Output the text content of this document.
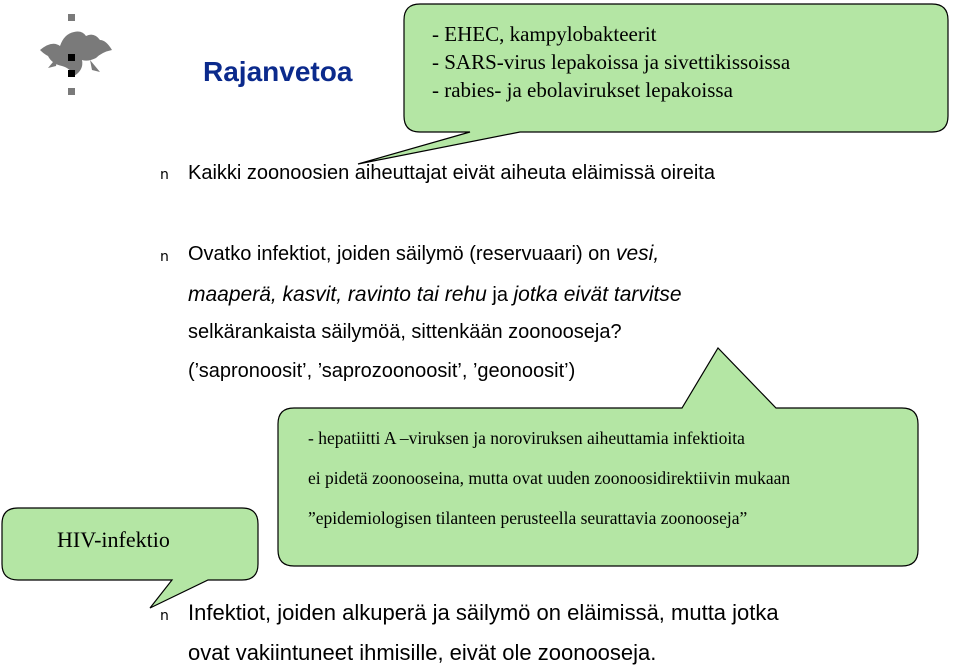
Rajanvetoa
- EHEC, kampylobakteerit
- SARS-virus lepakoissa ja sivettikissoissa
- rabies- ja ebolavirukset lepakoissa
n Kaikki zoonoosien aiheuttajat eivät aiheuta eläimissä oireita
n Ovatko infektiot, joiden säilymö (reservuaari) on vesi,
maaperä, kasvit, ravinto tai rehu ja jotka eivät tarvitse
selkärankaista säilymöä, sittenkään zoonooseja?
(’sapronoosit’, ’saprozoonoosit’, ’geonoosit’)
- hepatiitti A –viruksen ja noroviruksen aiheuttamia infektioita
ei pidetä zoonooseina, mutta ovat uuden zoonoosidirektiivin mukaan
”epidemiologisen tilanteen perusteella seurattavia zoonooseja”
HIV-infektio
n Infektiot, joiden alkuperä ja säilymö on eläimissä, mutta jotka
ovat vakiintuneet ihmisille, eivät ole zoonooseja.
